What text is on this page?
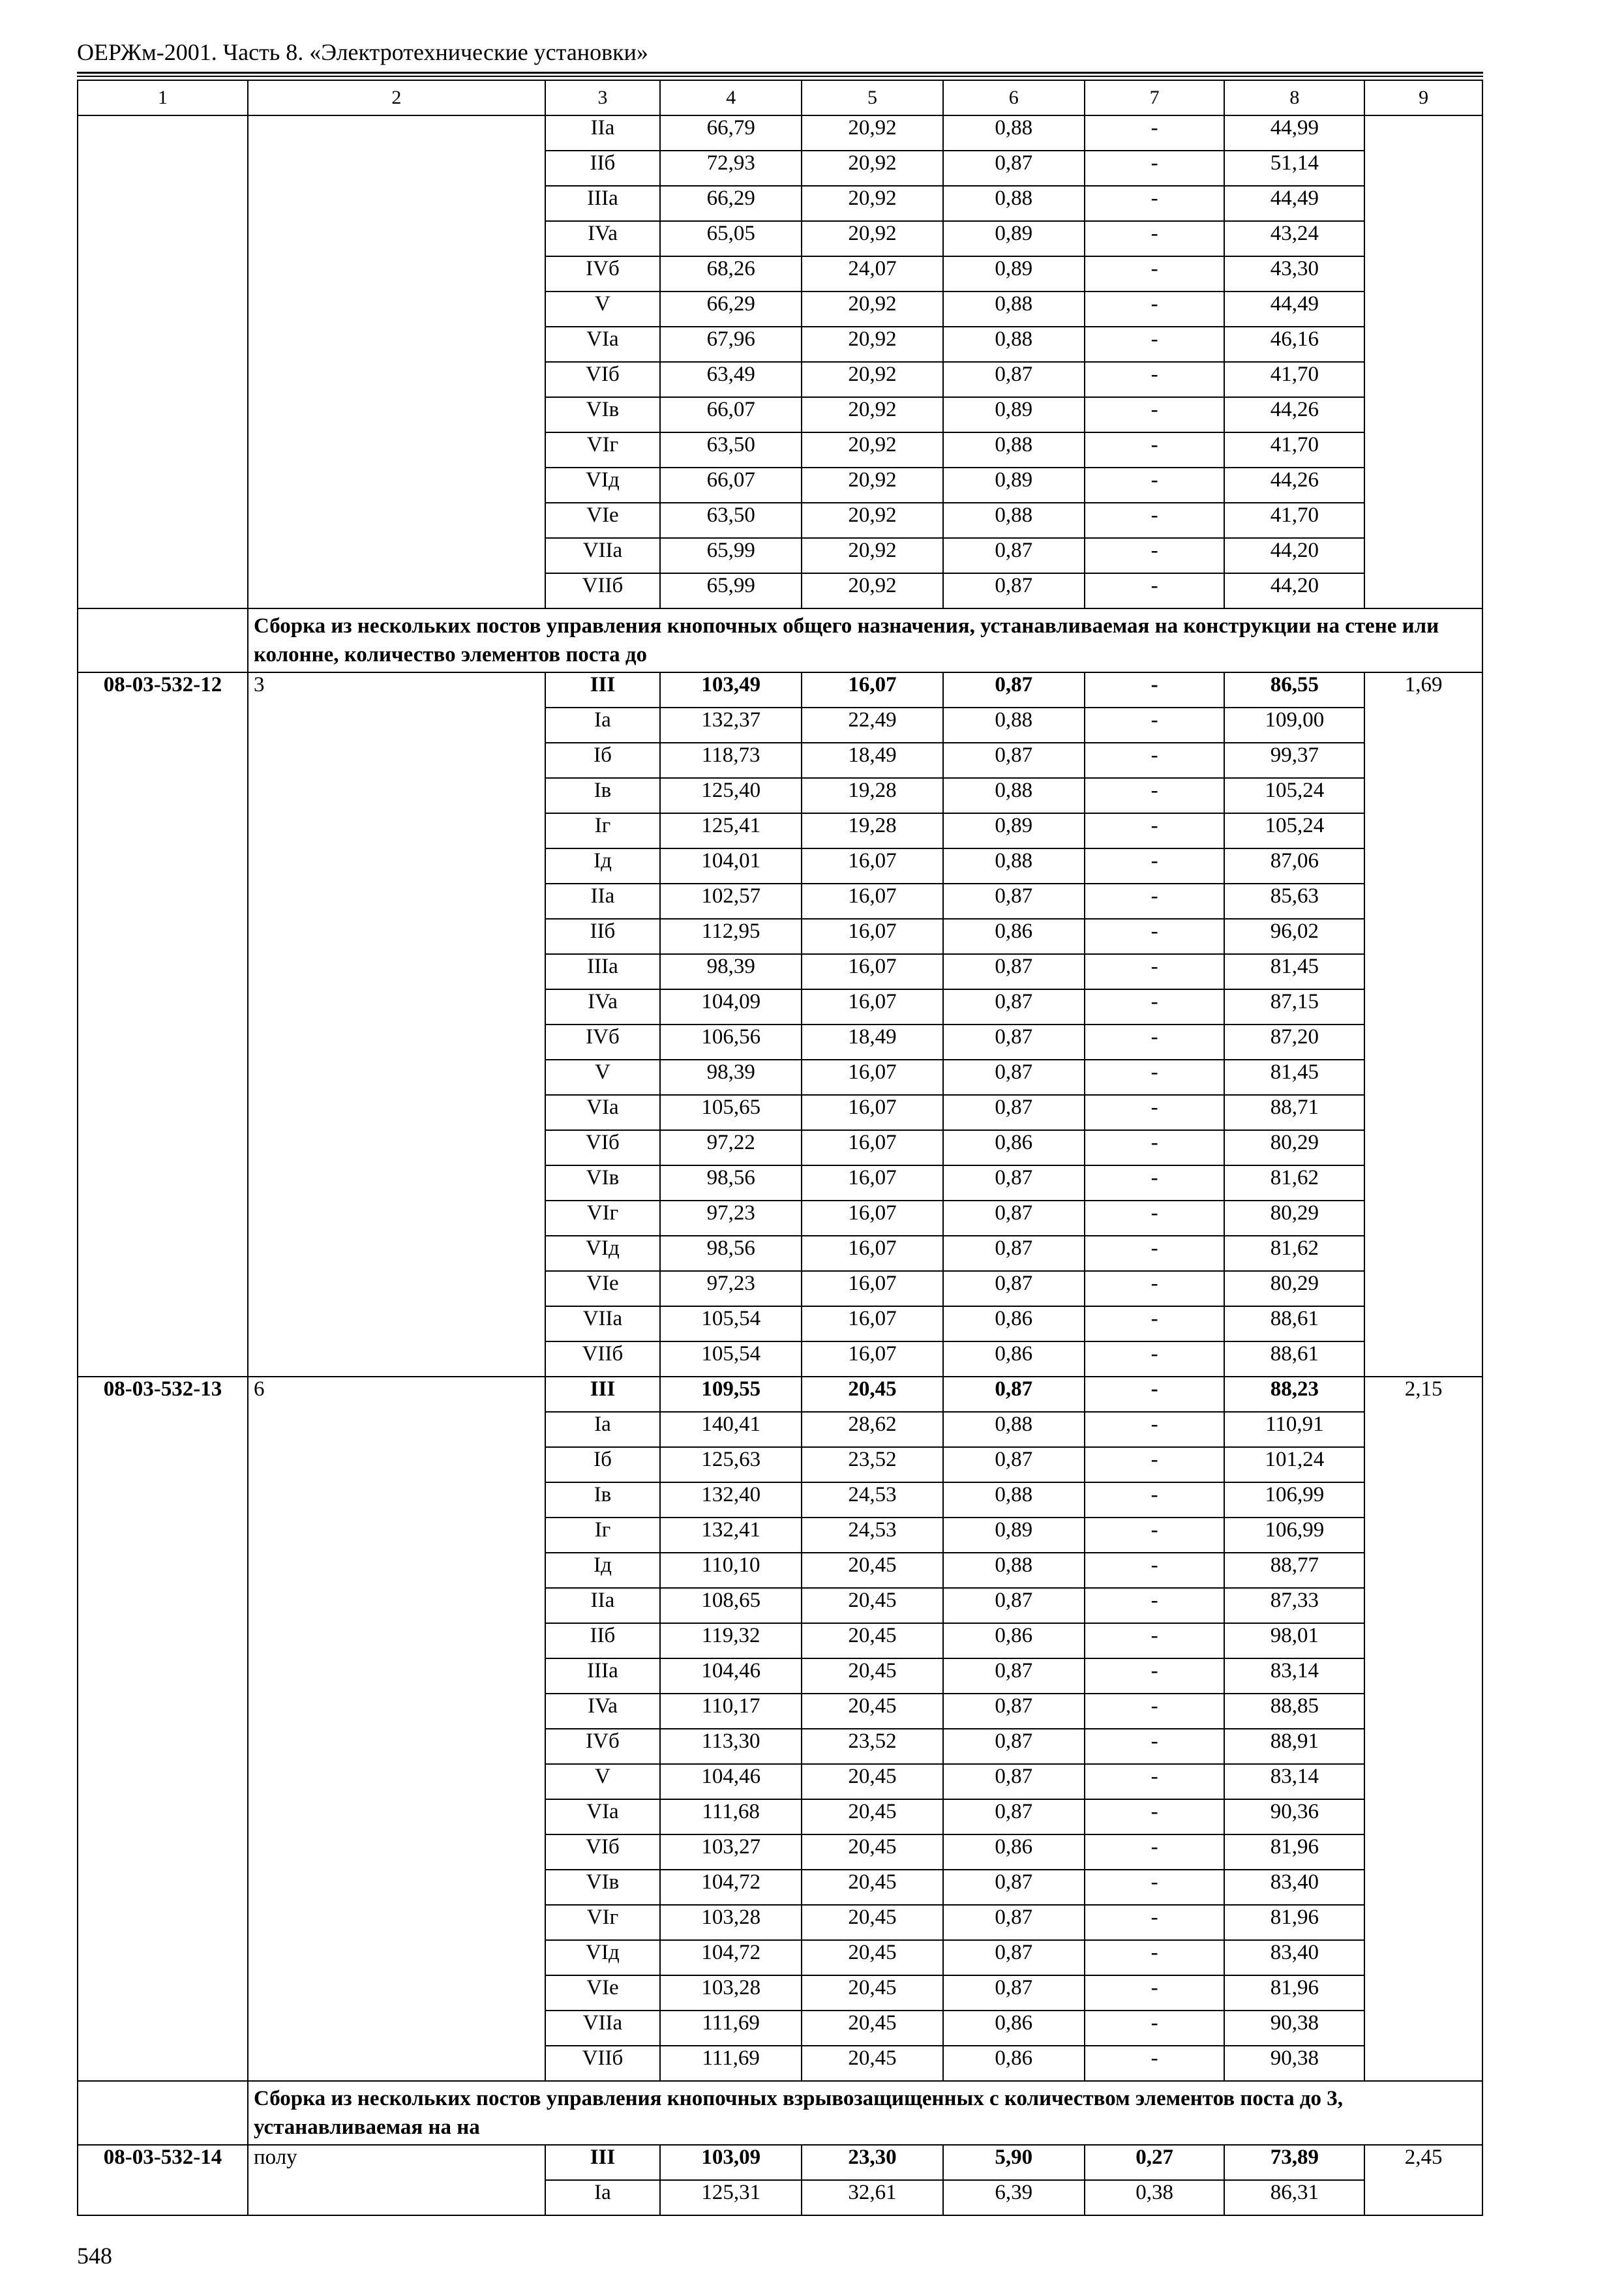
ОЕРЖм-2001. Часть 8. «Электротехнические установки»
1	2	3	4	5	6	7	8	9
		IIa	66,79	20,92	0,88	-	44,99	
		IIб	72,93	20,92	0,87	-	51,14	
		IIIa	66,29	20,92	0,88	-	44,49	
		IVa	65,05	20,92	0,89	-	43,24	
		IVб	68,26	24,07	0,89	-	43,30	
		V	66,29	20,92	0,88	-	44,49	
		VIa	67,96	20,92	0,88	-	46,16	
		VIб	63,49	20,92	0,87	-	41,70	
		VIв	66,07	20,92	0,89	-	44,26	
		VIг	63,50	20,92	0,88	-	41,70	
		VIд	66,07	20,92	0,89	-	44,26	
		VIe	63,50	20,92	0,88	-	41,70	
		VIIa	65,99	20,92	0,87	-	44,20	
		VIIб	65,99	20,92	0,87	-	44,20	
	Сборка из нескольких постов управления кнопочных общего назначения, устанавливаемая на конструкции на стене или колонне, количество элементов поста до							
08-03-532-12	3	III	103,49	16,07	0,87	-	86,55	1,69
		Ia	132,37	22,49	0,88	-	109,00	
		Iб	118,73	18,49	0,87	-	99,37	
		Iв	125,40	19,28	0,88	-	105,24	
		Iг	125,41	19,28	0,89	-	105,24	
		Iд	104,01	16,07	0,88	-	87,06	
		IIa	102,57	16,07	0,87	-	85,63	
		IIб	112,95	16,07	0,86	-	96,02	
		IIIa	98,39	16,07	0,87	-	81,45	
		IVa	104,09	16,07	0,87	-	87,15	
		IVб	106,56	18,49	0,87	-	87,20	
		V	98,39	16,07	0,87	-	81,45	
		VIa	105,65	16,07	0,87	-	88,71	
		VIб	97,22	16,07	0,86	-	80,29	
		VIв	98,56	16,07	0,87	-	81,62	
		VIг	97,23	16,07	0,87	-	80,29	
		VIд	98,56	16,07	0,87	-	81,62	
		VIe	97,23	16,07	0,87	-	80,29	
		VIIa	105,54	16,07	0,86	-	88,61	
		VIIб	105,54	16,07	0,86	-	88,61	
08-03-532-13	6	III	109,55	20,45	0,87	-	88,23	2,15
		Ia	140,41	28,62	0,88	-	110,91	
		Iб	125,63	23,52	0,87	-	101,24	
		Iв	132,40	24,53	0,88	-	106,99	
		Iг	132,41	24,53	0,89	-	106,99	
		Iд	110,10	20,45	0,88	-	88,77	
		IIa	108,65	20,45	0,87	-	87,33	
		IIб	119,32	20,45	0,86	-	98,01	
		IIIa	104,46	20,45	0,87	-	83,14	
		IVa	110,17	20,45	0,87	-	88,85	
		IVб	113,30	23,52	0,87	-	88,91	
		V	104,46	20,45	0,87	-	83,14	
		VIa	111,68	20,45	0,87	-	90,36	
		VIб	103,27	20,45	0,86	-	81,96	
		VIв	104,72	20,45	0,87	-	83,40	
		VIг	103,28	20,45	0,87	-	81,96	
		VIд	104,72	20,45	0,87	-	83,40	
		VIe	103,28	20,45	0,87	-	81,96	
		VIIa	111,69	20,45	0,86	-	90,38	
		VIIб	111,69	20,45	0,86	-	90,38	
	Сборка из нескольких постов управления кнопочных взрывозащищенных с количеством элементов поста до 3, устанавливаемая на на							
08-03-532-14	полу	III	103,09	23,30	5,90	0,27	73,89	2,45
		Ia	125,31	32,61	6,39	0,38	86,31	
548
